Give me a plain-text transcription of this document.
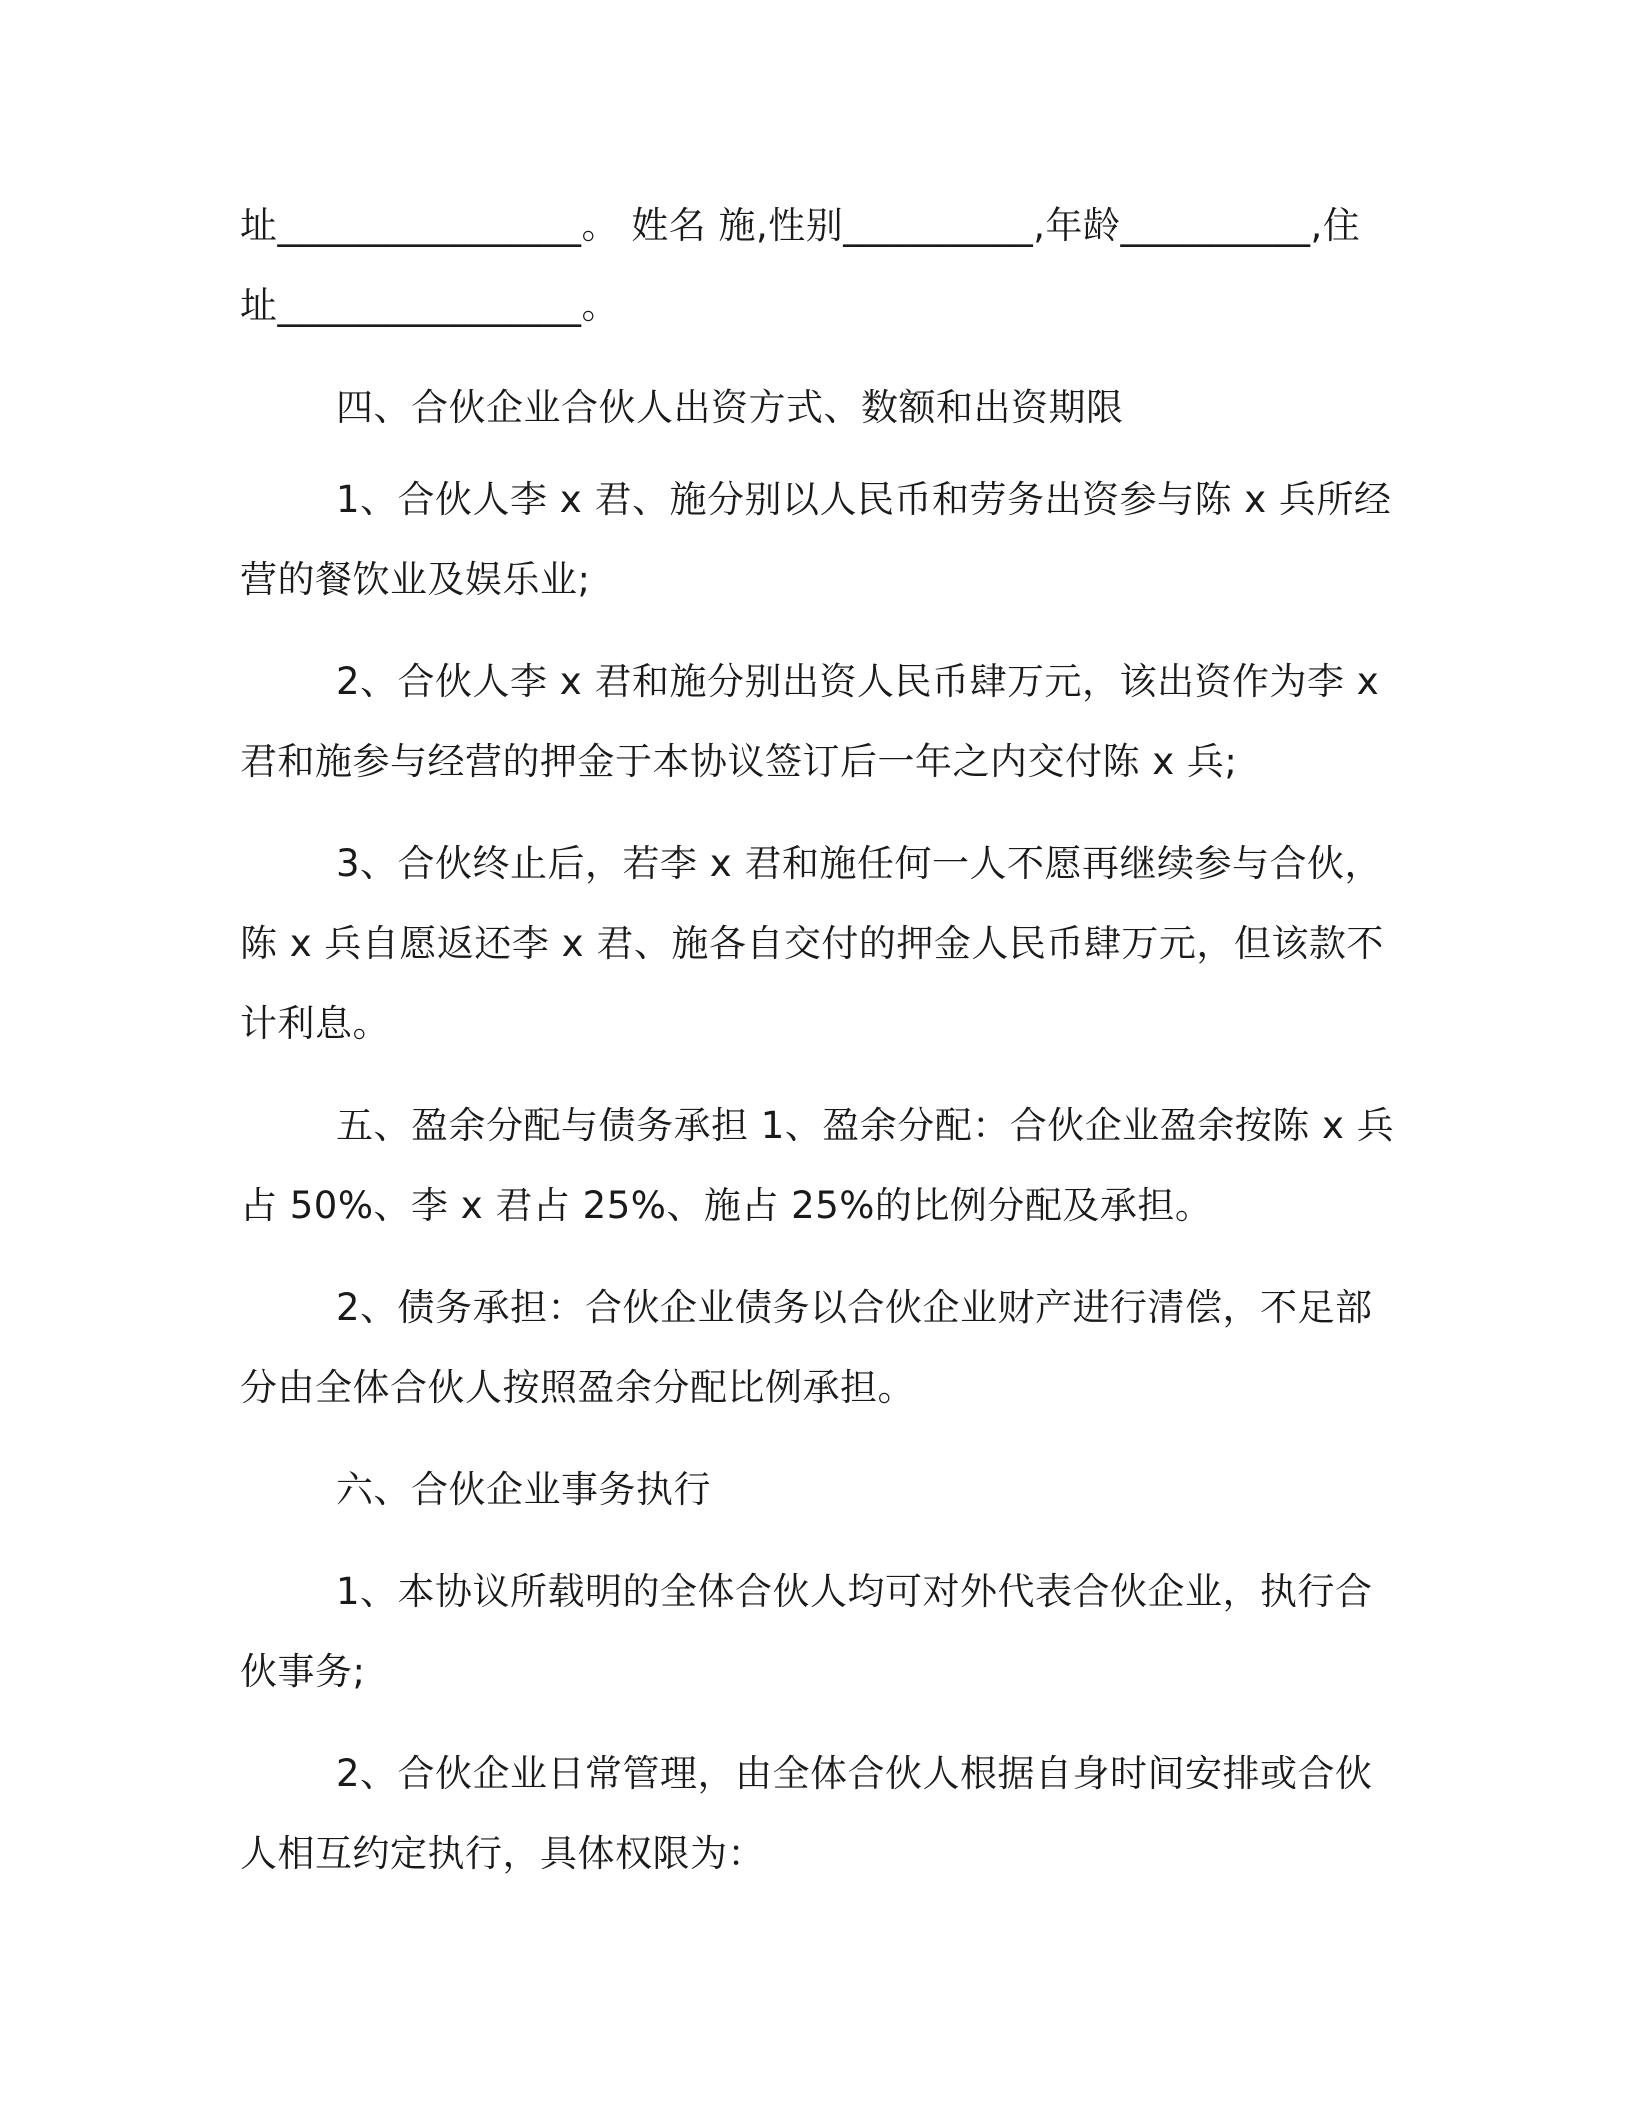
址________________。 姓名 施,性别__________,年龄__________,住
址________________。
四、合伙企业合伙人出资方式、数额和出资期限
1、合伙人李 x 君、施分别以人民币和劳务出资参与陈 x 兵所经
营的餐饮业及娱乐业;
2、合伙人李 x 君和施分别出资人民币肆万元，该出资作为李 x
君和施参与经营的押金于本协议签订后一年之内交付陈 x 兵;
3、合伙终止后，若李 x 君和施任何一人不愿再继续参与合伙，
陈 x 兵自愿返还李 x 君、施各自交付的押金人民币肆万元，但该款不
计利息。
五、盈余分配与债务承担 1、盈余分配：合伙企业盈余按陈 x 兵
占 50%、李 x 君占 25%、施占 25%的比例分配及承担。
2、债务承担：合伙企业债务以合伙企业财产进行清偿，不足部
分由全体合伙人按照盈余分配比例承担。
六、合伙企业事务执行
1、本协议所载明的全体合伙人均可对外代表合伙企业，执行合
伙事务;
2、合伙企业日常管理，由全体合伙人根据自身时间安排或合伙
人相互约定执行，具体权限为：
